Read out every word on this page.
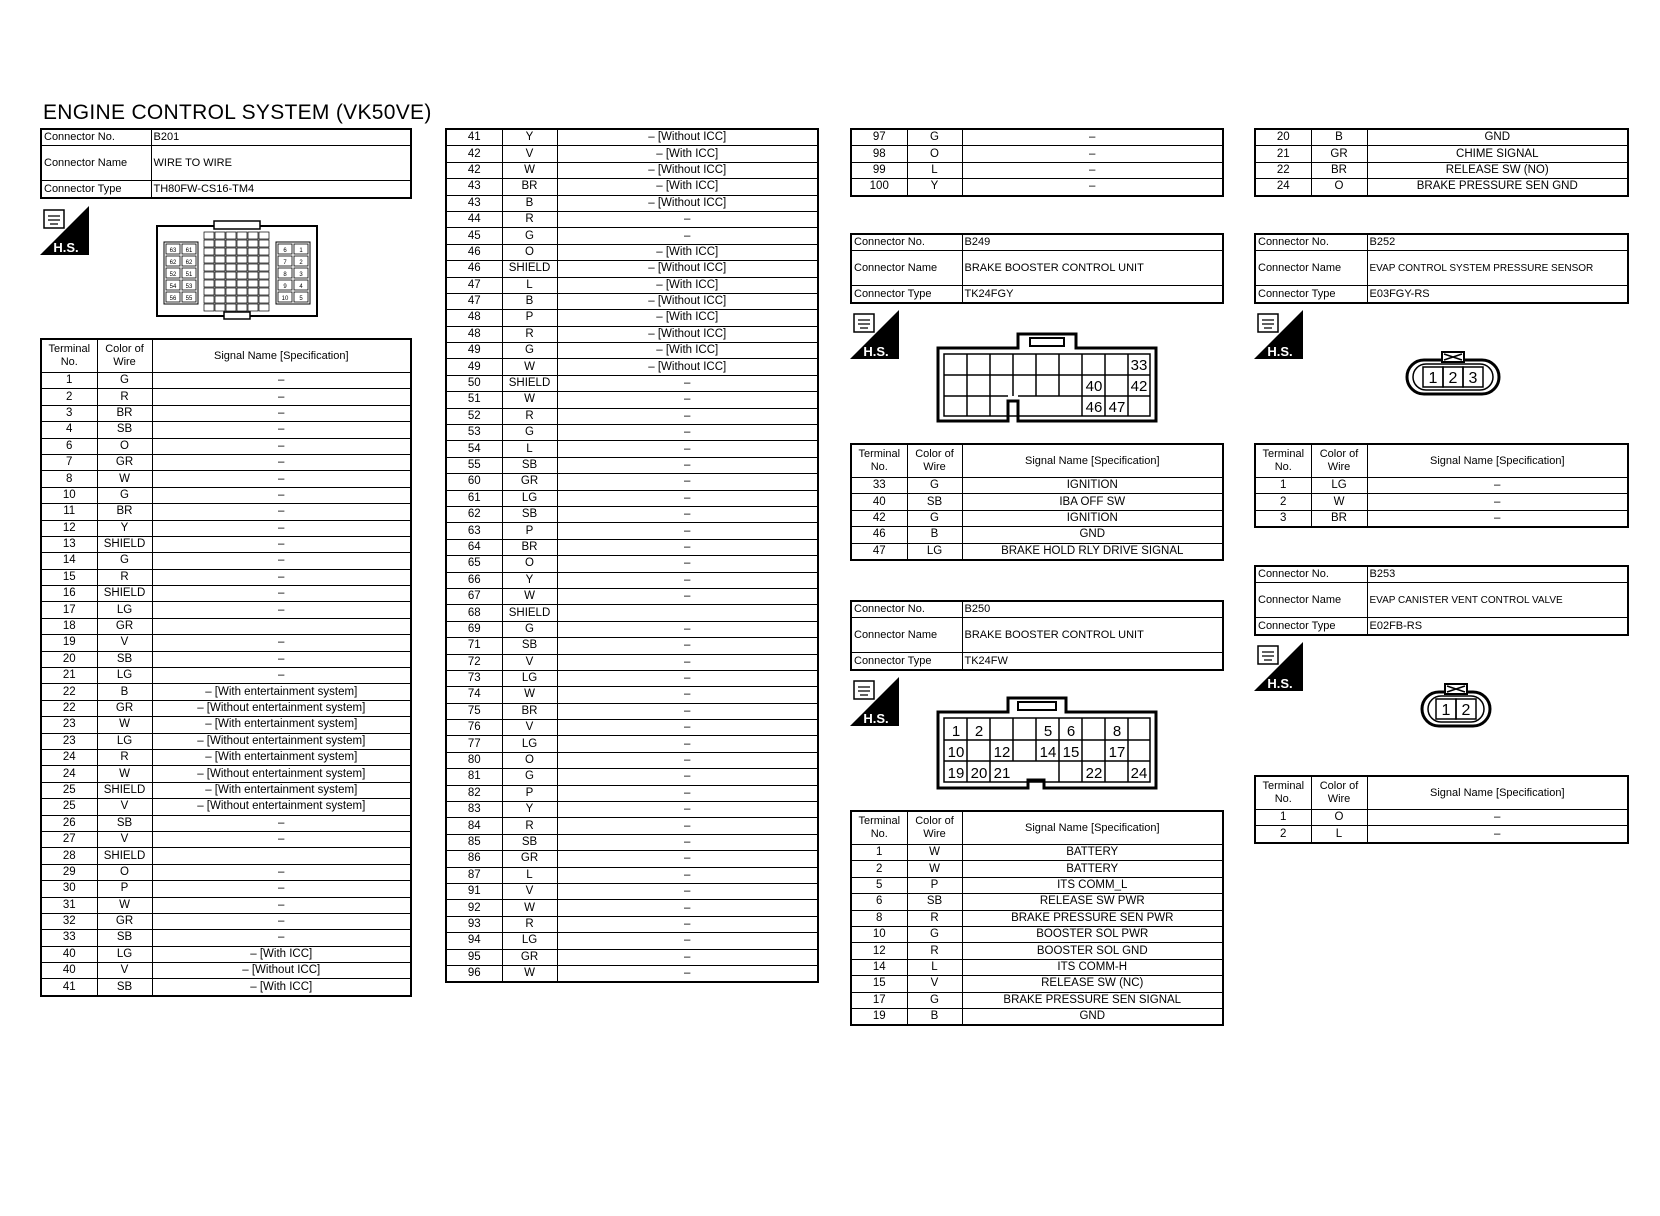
ENGINE CONTROL SYSTEM (VK50VE)
Connector No.	B201
Connector Name	WIRE TO WIRE
Connector Type	TH80FW-CS16-TM4
H.S.	63 61
62 62
52 51
54 53
56 55
6 1
7 2
8 3
9 4
10 5
Terminal No.	Color of Wire	Signal Name [Specification]
1	G	–
2	R	–
3	BR	–
4	SB	–
6	O	–
7	GR	–
8	W	–
10	G	–
11	BR	–
12	Y	–
13	SHIELD	–
14	G	–
15	R	–
16	SHIELD	–
17	LG	–
18	GR	
19	V	–
20	SB	–
21	LG	–
22	B	– [With entertainment system]
22	GR	– [Without entertainment system]
23	W	– [With entertainment system]
23	LG	– [Without entertainment system]
24	R	– [With entertainment system]
24	W	– [Without entertainment system]
25	SHIELD	– [With entertainment system]
25	V	– [Without entertainment system]
26	SB	–
27	V	–
28	SHIELD	
29	O	–
30	P	–
31	W	–
32	GR	–
33	SB	–
40	LG	– [With ICC]
40	V	– [Without ICC]
41	SB	– [With ICC]
41	Y	– [Without ICC]
42	V	– [With ICC]
42	W	– [Without ICC]
43	BR	– [With ICC]
43	B	– [Without ICC]
44	R	–
45	G	–
46	O	– [With ICC]
46	SHIELD	– [Without ICC]
47	L	– [With ICC]
47	B	– [Without ICC]
48	P	– [With ICC]
48	R	– [Without ICC]
49	G	– [With ICC]
49	W	– [Without ICC]
50	SHIELD	–
51	W	–
52	R	–
53	G	–
54	L	–
55	SB	–
60	GR	–
61	LG	–
62	SB	–
63	P	–
64	BR	–
65	O	–
66	Y	–
67	W	–
68	SHIELD	
69	G	–
71	SB	–
72	V	–
73	LG	–
74	W	–
75	BR	–
76	V	–
77	LG	–
80	O	–
81	G	–
82	P	–
83	Y	–
84	R	–
85	SB	–
86	GR	–
87	L	–
91	V	–
92	W	–
93	R	–
94	LG	–
95	GR	–
96	W	–
97	G	–
98	O	–
99	L	–
100	Y	–
Connector No.	B249
Connector Name	BRAKE BOOSTER CONTROL UNIT
Connector Type	TK24FGY
H.S.
33
40 42
46 47
Terminal No.	Color of Wire	Signal Name [Specification]
33	G	IGNITION
40	SB	IBA OFF SW
42	G	IGNITION
46	B	GND
47	LG	BRAKE HOLD RLY DRIVE SIGNAL
Connector No.	B250
Connector Name	BRAKE BOOSTER CONTROL UNIT
Connector Type	TK24FW
H.S.
1 2	5 6	8
10 12 14 15 17
19 20 21	22 24
Terminal No.	Color of Wire	Signal Name [Specification]
1	W	BATTERY
2	W	BATTERY
5	P	ITS COMM_L
6	SB	RELEASE SW PWR
8	R	BRAKE PRESSURE SEN PWR
10	G	BOOSTER SOL PWR
12	R	BOOSTER SOL GND
14	L	ITS COMM-H
15	V	RELEASE SW (NC)
17	G	BRAKE PRESSURE SEN SIGNAL
19	B	GND
20	B	GND
21	GR	CHIME SIGNAL
22	BR	RELEASE SW (NO)
24	O	BRAKE PRESSURE SEN GND
Connector No.	B252
Connector Name	EVAP CONTROL SYSTEM PRESSURE SENSOR
Connector Type	E03FGY-RS
H.S.
1 2 3
Terminal No.	Color of Wire	Signal Name [Specification]
1	LG	–
2	W	–
3	BR	–
Connector No.	B253
Connector Name	EVAP CANISTER VENT CONTROL VALVE
Connector Type	E02FB-RS
H.S.
1 2
Terminal No.	Color of Wire	Signal Name [Specification]
1	O	–
2	L	–
